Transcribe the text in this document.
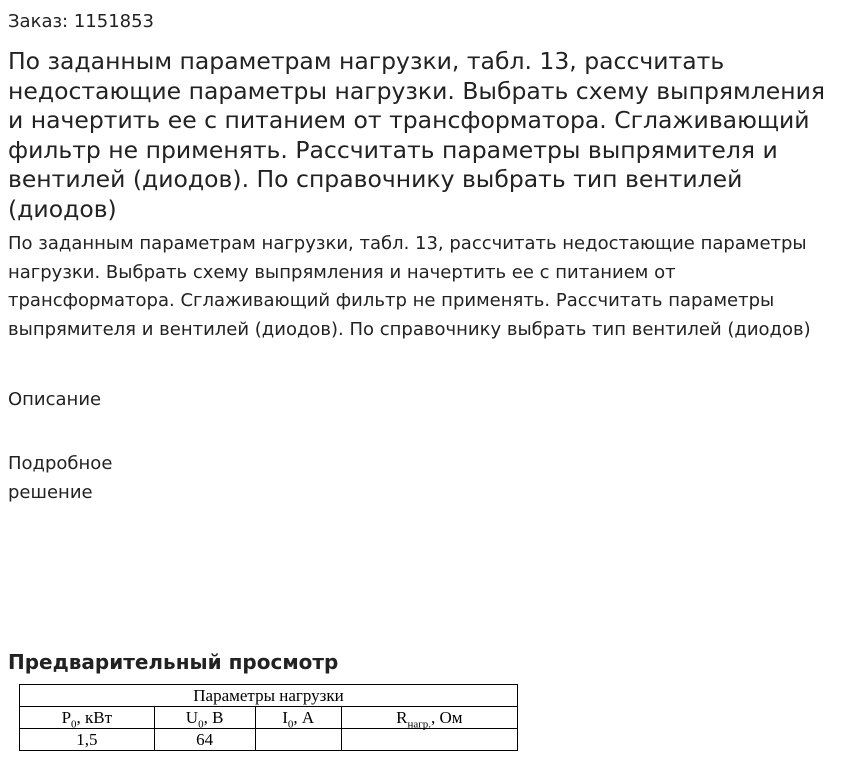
Заказ: 1151853
По заданным параметрам нагрузки, табл. 13, рассчитать недостающие параметры нагрузки. Выбрать схему выпрямления и начертить ее с питанием от трансформатора. Сглаживающий фильтр не применять. Рассчитать параметры выпрямителя и вентилей (диодов). По справочнику выбрать тип вентилей (диодов)
По заданным параметрам нагрузки, табл. 13, рассчитать недостающие параметры нагрузки. Выбрать схему выпрямления и начертить ее с питанием от трансформатора. Сглаживающий фильтр не применять. Рассчитать параметры выпрямителя и вентилей (диодов). По справочнику выбрать тип вентилей (диодов)
Описание
Подробное решение
Предварительный просмотр
Параметры нагрузки			
$P_0$, кВт	$U_0$, В	$I_0$, А	$R_{нагр.}$, Ом
1,5	64		
